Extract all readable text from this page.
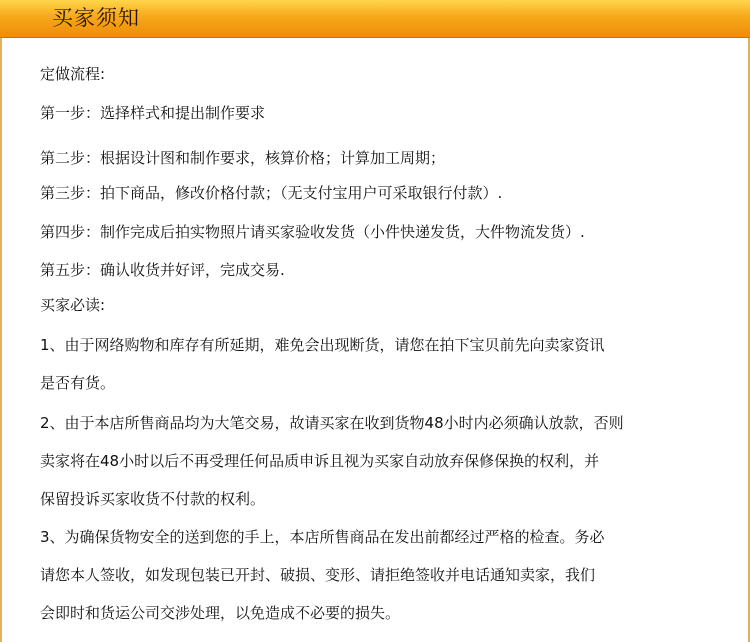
买家须知
定做流程:
第一步：选择样式和提出制作要求
第二步：根据设计图和制作要求，核算价格；计算加工周期；
第三步：拍下商品，修改价格付款；（无支付宝用户可采取银行付款）.
第四步：制作完成后拍实物照片请买家验收发货（小件快递发货，大件物流发货）.
第五步：确认收货并好评，完成交易.
买家必读:
1、由于网络购物和库存有所延期，难免会出现断货，请您在拍下宝贝前先向卖家资讯
是否有货。
2、由于本店所售商品均为大笔交易，故请买家在收到货物48小时内必须确认放款，否则
卖家将在48小时以后不再受理任何品质申诉且视为买家自动放弃保修保换的权利，并
保留投诉买家收货不付款的权利。
3、为确保货物安全的送到您的手上，本店所售商品在发出前都经过严格的检查。务必
请您本人签收，如发现包装已开封、破损、变形、请拒绝签收并电话通知卖家，我们
会即时和货运公司交涉处理，以免造成不必要的损失。
